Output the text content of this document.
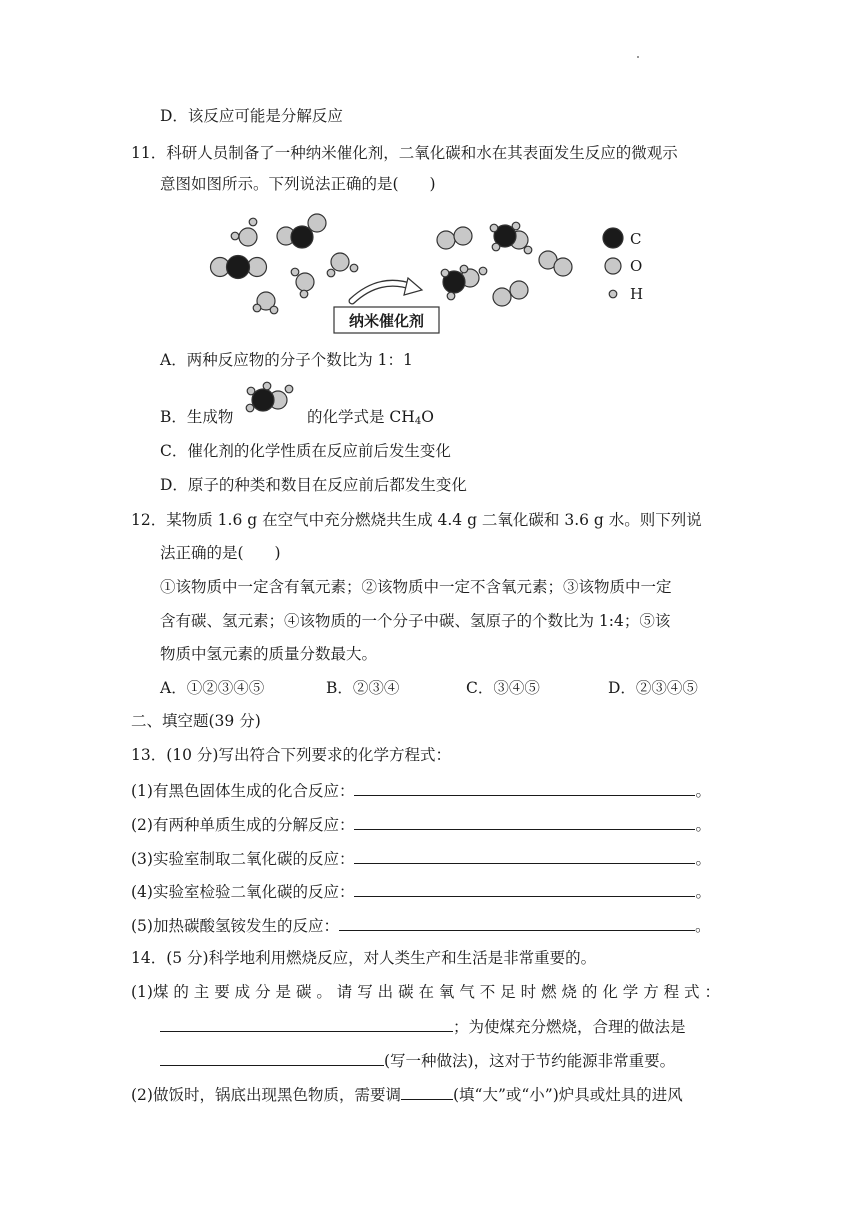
D．该反应可能是分解反应
11．科研人员制备了一种纳米催化剂，二氧化碳和水在其表面发生反应的微观示
意图如图所示。下列说法正确的是(　　)
纳米催化剂
C
O
H
A．两种反应物的分子个数比为 1：1
B．生成物	的化学式是 $CH_4O$
C．催化剂的化学性质在反应前后发生变化
D．原子的种类和数目在反应前后都发生变化
12．某物质 1.6 g 在空气中充分燃烧共生成 4.4 g 二氧化碳和 3.6 g 水。则下列说
法正确的是(　　)
①该物质中一定含有氧元素；②该物质中一定不含氧元素；③该物质中一定
含有碳、氢元素；④该物质的一个分子中碳、氢原子的个数比为 1:4；⑤该
物质中氢元素的质量分数最大。
A．①②③④⑤	B．②③④	C．③④⑤	D．②③④⑤
二、填空题(39 分)
13．(10 分)写出符合下列要求的化学方程式：
(1)有黑色固体生成的化合反应：	。
(2)有两种单质生成的分解反应：	。
(3)实验室制取二氧化碳的反应：	。
(4)实验室检验二氧化碳的反应：	。
(5)加热碳酸氢铵发生的反应：	。
14．(5 分)科学地利用燃烧反应，对人类生产和生活是非常重要的。
(1)煤 的 主 要 成 分 是 碳 。 请 写 出 碳 在 氧 气 不 足 时 燃 烧 的 化 学 方 程 式 ：
；为使煤充分燃烧，合理的做法是
(写一种做法)，这对于节约能源非常重要。
(2)做饭时，锅底出现黑色物质，需要调	(填“大”或“小”)炉具或灶具的进风
